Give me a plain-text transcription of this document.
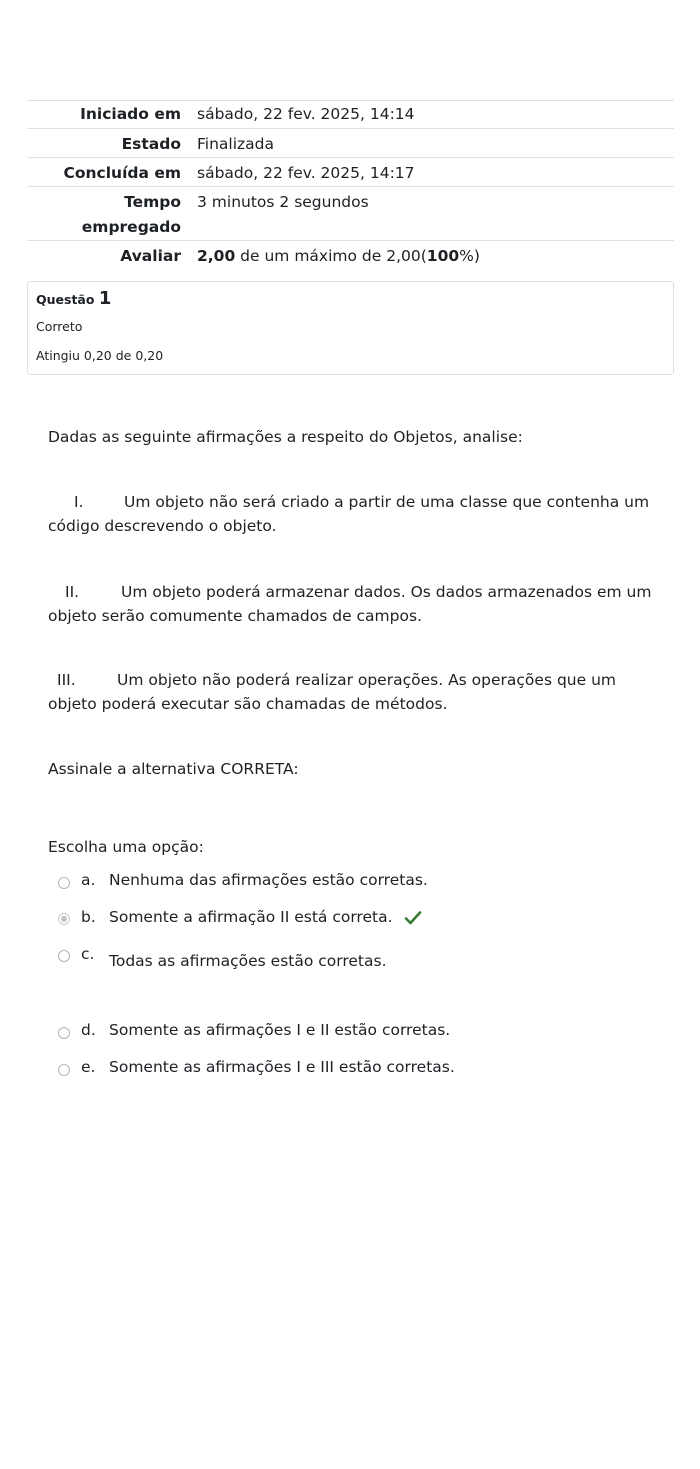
Iniciado em	sábado, 22 fev. 2025, 14:14
Estado	Finalizada
Concluída em	sábado, 22 fev. 2025, 14:17
Tempo
empregado	3 minutos 2 segundos
Avaliar	2,00 de um máximo de 2,00(100%)
Questão 1
Correto
Atingiu 0,20 de 0,20
Dadas as seguinte afirmações a respeito do Objetos, analise:
I.	Um objeto não será criado a partir de uma classe que contenha um código descrevendo o objeto.
II.	Um objeto poderá armazenar dados. Os dados armazenados em um objeto serão comumente chamados de campos.
III.	Um objeto não poderá realizar operações. As operações que um objeto poderá executar são chamadas de métodos.
Assinale a alternativa CORRETA:
Escolha uma opção:
a. Nenhuma das afirmações estão corretas.
b. Somente a afirmação II está correta.
c. Todas as afirmações estão corretas.
d. Somente as afirmações I e II estão corretas.
e. Somente as afirmações I e III estão corretas.
